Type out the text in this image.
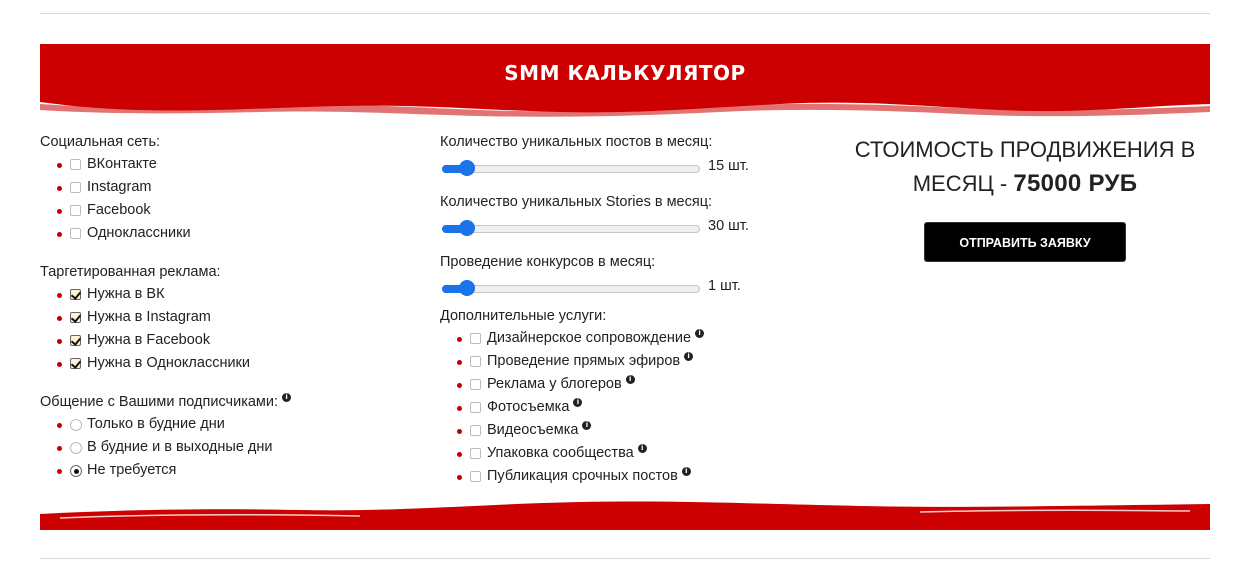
SMM КАЛЬКУЛЯТОР
Социальная сеть:
ВКонтакте
Instagram
Facebook
Одноклассники
Таргетированная реклама:
Нужна в ВК
Нужна в Instagram
Нужна в Facebook
Нужна в Одноклассники
Общение с Вашими подписчиками: i
Только в будние дни
В будние и в выходные дни
Не требуется
Количество уникальных постов в месяц:
15 шт.
Количество уникальных Stories в месяц:
30 шт.
Проведение конкурсов в месяц:
1 шт.
Дополнительные услуги:
Дизайнерское сопровождение i
Проведение прямых эфиров i
Реклама у блогеров i
Фотосъемка i
Видеосъемка i
Упаковка сообщества i
Публикация срочных постов i
СТОИМОСТЬ ПРОДВИЖЕНИЯ В
МЕСЯЦ - 75000 РУБ
ОТПРАВИТЬ ЗАЯВКУ
